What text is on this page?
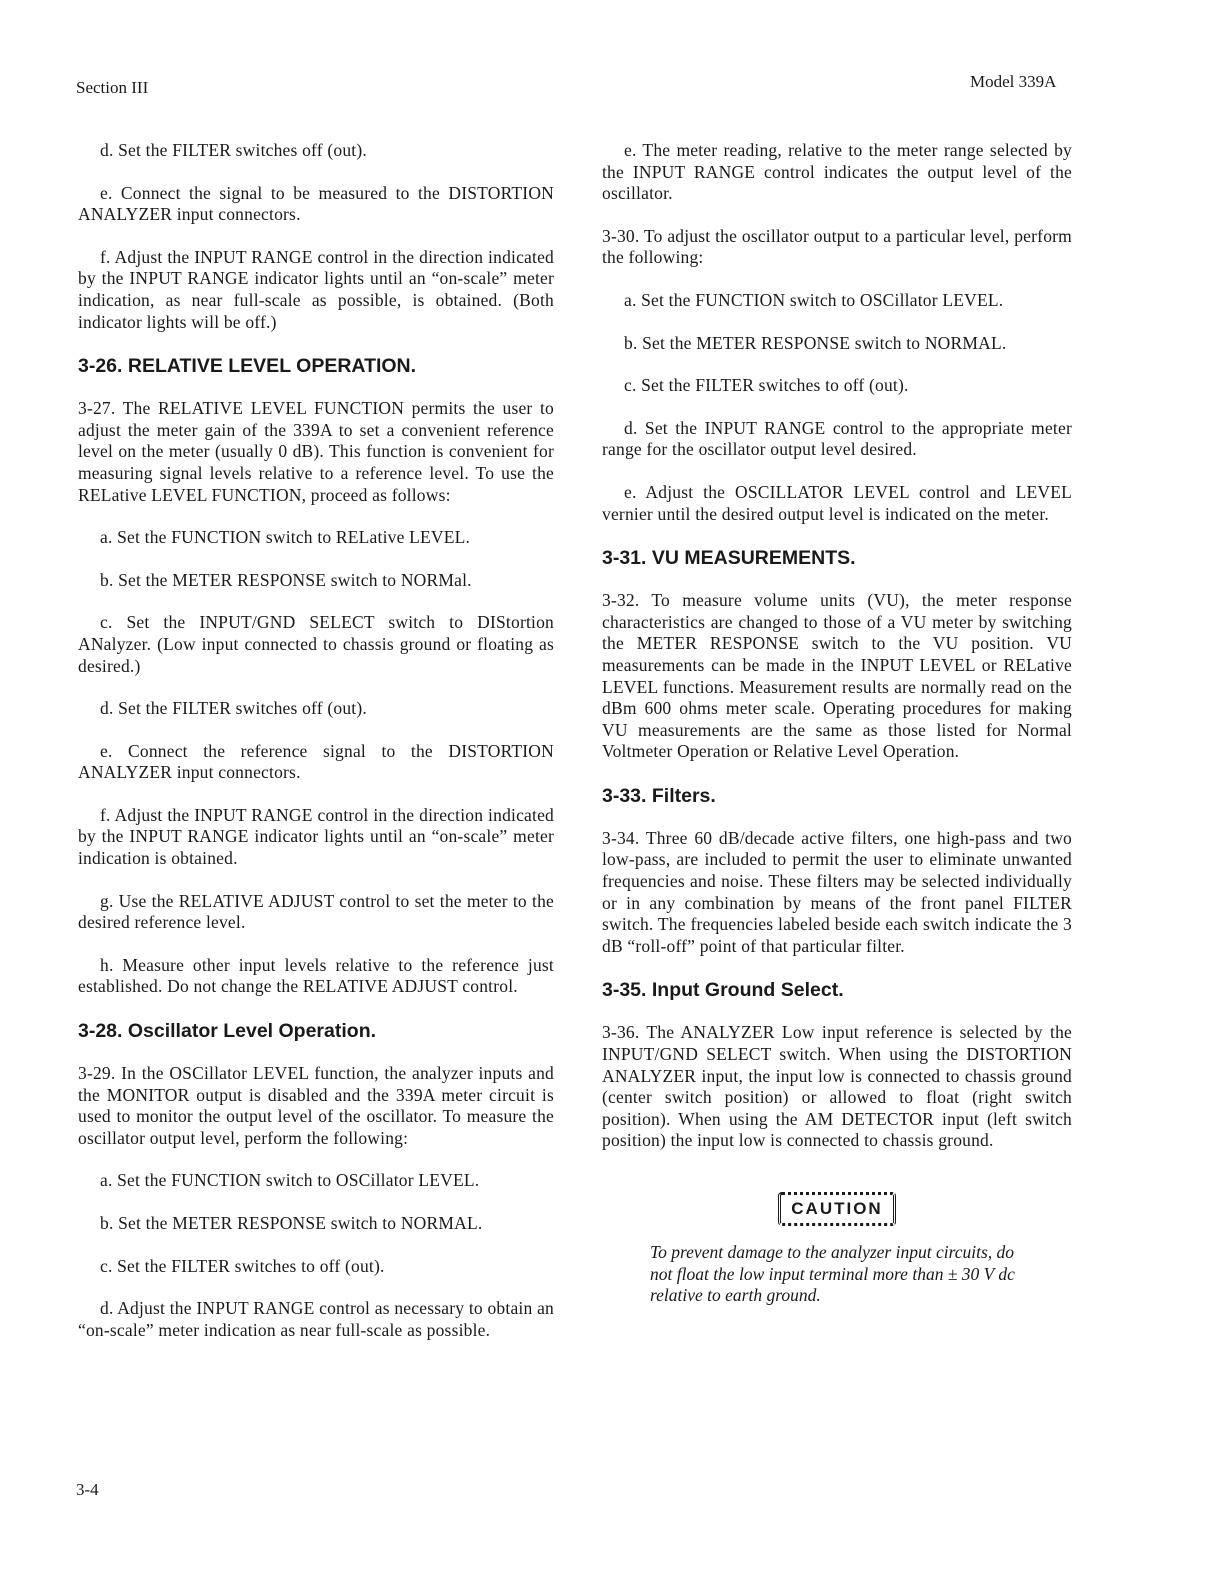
Section III	Model 339A

d. Set the FILTER switches off (out).

e. Connect the signal to be measured to the DISTORTION ANALYZER input connectors.

f. Adjust the INPUT RANGE control in the direction indicated by the INPUT RANGE indicator lights until an “on-scale” meter indication, as near full-scale as possible, is obtained. (Both indicator lights will be off.)

3-26. RELATIVE LEVEL OPERATION.

3-27. The RELATIVE LEVEL FUNCTION permits the user to adjust the meter gain of the 339A to set a convenient reference level on the meter (usually 0 dB). This function is convenient for measuring signal levels relative to a reference level. To use the RELative LEVEL FUNCTION, proceed as follows:

a. Set the FUNCTION switch to RELative LEVEL.

b. Set the METER RESPONSE switch to NORMal.

c. Set the INPUT/GND SELECT switch to DIStortion ANalyzer. (Low input connected to chassis ground or floating as desired.)

d. Set the FILTER switches off (out).

e. Connect the reference signal to the DISTORTION ANALYZER input connectors.

f. Adjust the INPUT RANGE control in the direction indicated by the INPUT RANGE indicator lights until an “on-scale” meter indication is obtained.

g. Use the RELATIVE ADJUST control to set the meter to the desired reference level.

h. Measure other input levels relative to the reference just established. Do not change the RELATIVE ADJUST control.

3-28. Oscillator Level Operation.

3-29. In the OSCillator LEVEL function, the analyzer inputs and the MONITOR output is disabled and the 339A meter circuit is used to monitor the output level of the oscillator. To measure the oscillator output level, perform the following:

a. Set the FUNCTION switch to OSCillator LEVEL.

b. Set the METER RESPONSE switch to NORMAL.

c. Set the FILTER switches to off (out).

d. Adjust the INPUT RANGE control as necessary to obtain an “on-scale” meter indication as near full-scale as possible.

e. The meter reading, relative to the meter range selected by the INPUT RANGE control indicates the output level of the oscillator.

3-30. To adjust the oscillator output to a particular level, perform the following:

a. Set the FUNCTION switch to OSCillator LEVEL.

b. Set the METER RESPONSE switch to NORMAL.

c. Set the FILTER switches to off (out).

d. Set the INPUT RANGE control to the appropriate meter range for the oscillator output level desired.

e. Adjust the OSCILLATOR LEVEL control and LEVEL vernier until the desired output level is indicated on the meter.

3-31. VU MEASUREMENTS.

3-32. To measure volume units (VU), the meter response characteristics are changed to those of a VU meter by switching the METER RESPONSE switch to the VU position. VU measurements can be made in the INPUT LEVEL or RELative LEVEL functions. Measurement results are normally read on the dBm 600 ohms meter scale. Operating procedures for making VU measurements are the same as those listed for Normal Voltmeter Operation or Relative Level Operation.

3-33. Filters.

3-34. Three 60 dB/decade active filters, one high-pass and two low-pass, are included to permit the user to eliminate unwanted frequencies and noise. These filters may be selected individually or in any combination by means of the front panel FILTER switch. The frequencies labeled beside each switch indicate the 3 dB “roll-off” point of that particular filter.

3-35. Input Ground Select.

3-36. The ANALYZER Low input reference is selected by the INPUT/GND SELECT switch. When using the DISTORTION ANALYZER input, the input low is connected to chassis ground (center switch position) or allowed to float (right switch position). When using the AM DETECTOR input (left switch position) the input low is connected to chassis ground.

CAUTION
To prevent damage to the analyzer input circuits, do not float the low input terminal more than ± 30 V dc relative to earth ground.
3-4
